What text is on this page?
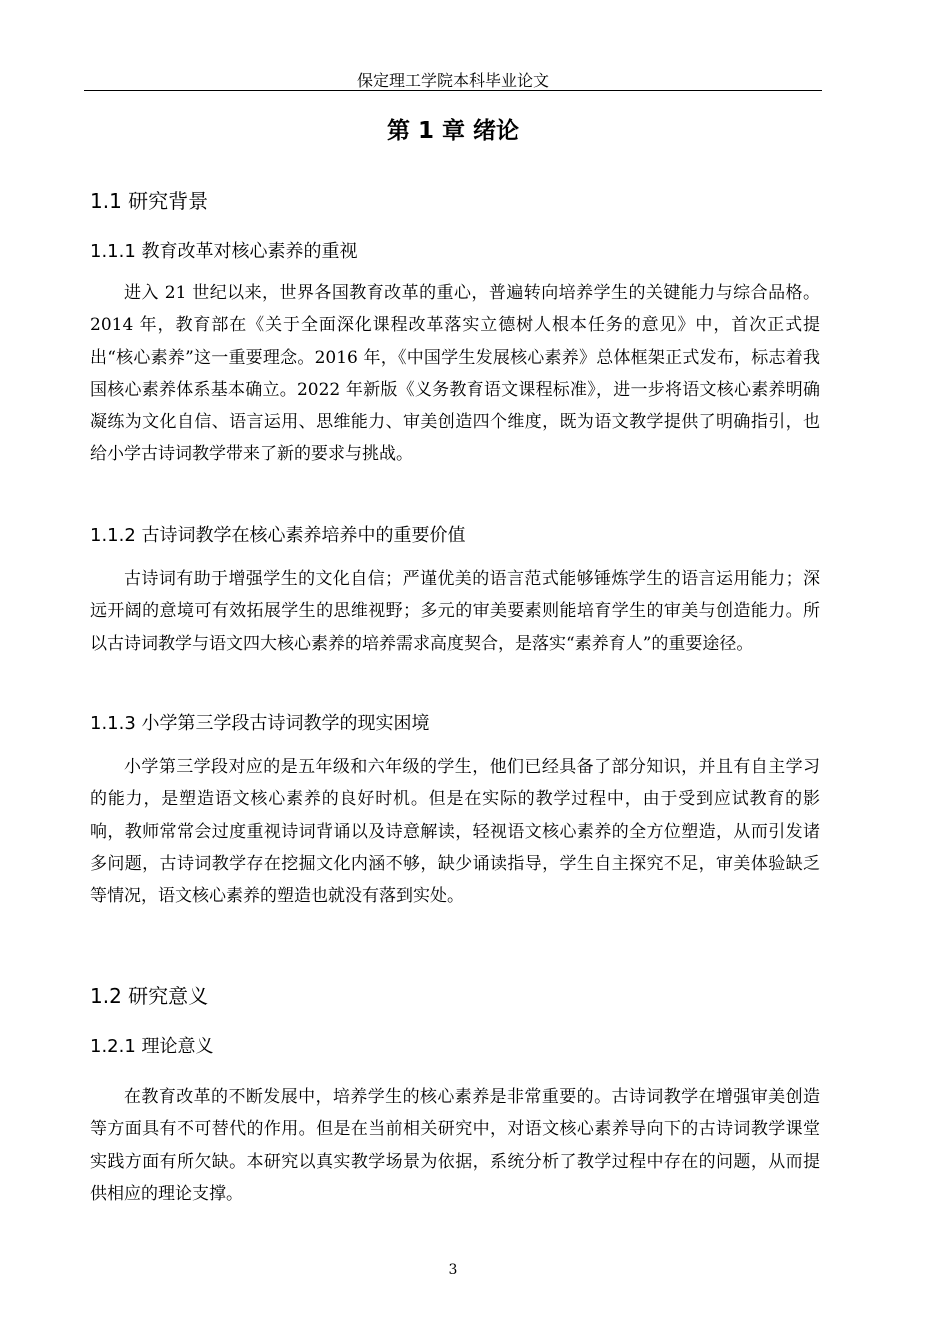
保定理工学院本科毕业论文
第 1 章 绪论
1.1 研究背景
1.1.1 教育改革对核心素养的重视

进入 21 世纪以来，世界各国教育改革的重心，普遍转向培养学生的关键能力与综合品格。2014 年，教育部在《关于全面深化课程改革落实立德树人根本任务的意见》中，首次正式提出“核心素养”这一重要理念。2016 年，《中国学生发展核心素养》总体框架正式发布，标志着我国核心素养体系基本确立。2022 年新版《义务教育语文课程标准》，进一步将语文核心素养明确凝练为文化自信、语言运用、思维能力、审美创造四个维度，既为语文教学提供了明确指引，也给小学古诗词教学带来了新的要求与挑战。

1.1.2 古诗词教学在核心素养培养中的重要价值

古诗词有助于增强学生的文化自信；严谨优美的语言范式能够锤炼学生的语言运用能力；深远开阔的意境可有效拓展学生的思维视野；多元的审美要素则能培育学生的审美与创造能力。所以古诗词教学与语文四大核心素养的培养需求高度契合，是落实“素养育人”的重要途径。

1.1.3 小学第三学段古诗词教学的现实困境

小学第三学段对应的是五年级和六年级的学生，他们已经具备了部分知识，并且有自主学习的能力，是塑造语文核心素养的良好时机。但是在实际的教学过程中，由于受到应试教育的影响，教师常常会过度重视诗词背诵以及诗意解读，轻视语文核心素养的全方位塑造，从而引发诸多问题，古诗词教学存在挖掘文化内涵不够，缺少诵读指导，学生自主探究不足，审美体验缺乏等情况，语文核心素养的塑造也就没有落到实处。

1.2 研究意义
1.2.1 理论意义

在教育改革的不断发展中，培养学生的核心素养是非常重要的。古诗词教学在增强审美创造等方面具有不可替代的作用。但是在当前相关研究中，对语文核心素养导向下的古诗词教学课堂实践方面有所欠缺。本研究以真实教学场景为依据，系统分析了教学过程中存在的问题，从而提供相应的理论支撑。

3
